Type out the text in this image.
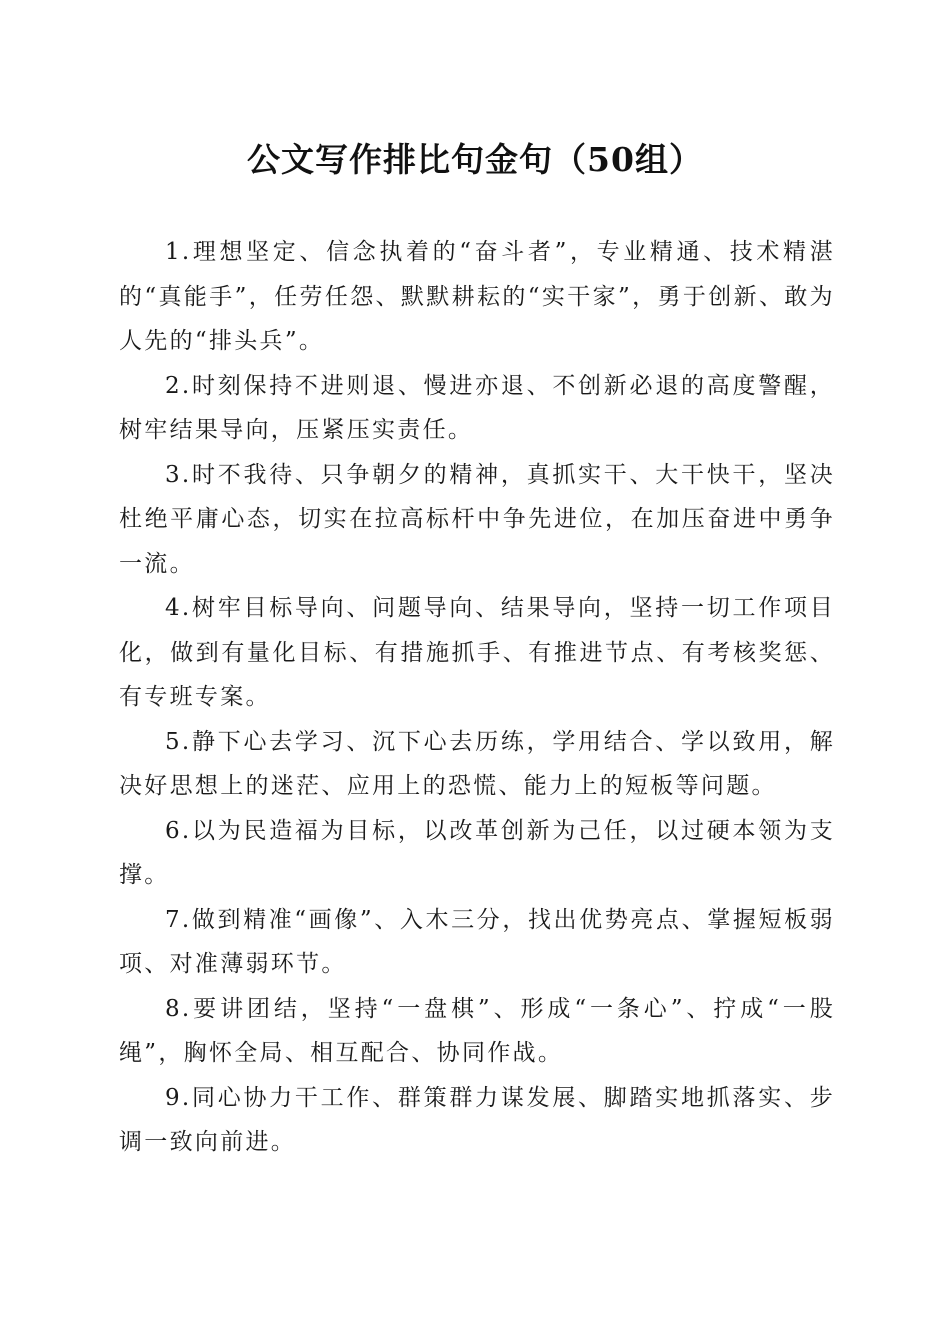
公文写作排比句金句（50组）

1.理想坚定、信念执着的“奋斗者”，专业精通、技术精湛的“真能手”，任劳任怨、默默耕耘的“实干家”，勇于创新、敢为人先的“排头兵”。

2.时刻保持不进则退、慢进亦退、不创新必退的高度警醒，树牢结果导向，压紧压实责任。

3.时不我待、只争朝夕的精神，真抓实干、大干快干，坚决杜绝平庸心态，切实在拉高标杆中争先进位，在加压奋进中勇争一流。

4.树牢目标导向、问题导向、结果导向，坚持一切工作项目化，做到有量化目标、有措施抓手、有推进节点、有考核奖惩、有专班专案。

5.静下心去学习、沉下心去历练，学用结合、学以致用，解决好思想上的迷茫、应用上的恐慌、能力上的短板等问题。

6.以为民造福为目标，以改革创新为己任，以过硬本领为支撑。

7.做到精准“画像”、入木三分，找出优势亮点、掌握短板弱项、对准薄弱环节。

8.要讲团结，坚持“一盘棋”、形成“一条心”、拧成“一股绳”，胸怀全局、相互配合、协同作战。

9.同心协力干工作、群策群力谋发展、脚踏实地抓落实、步调一致向前进。
